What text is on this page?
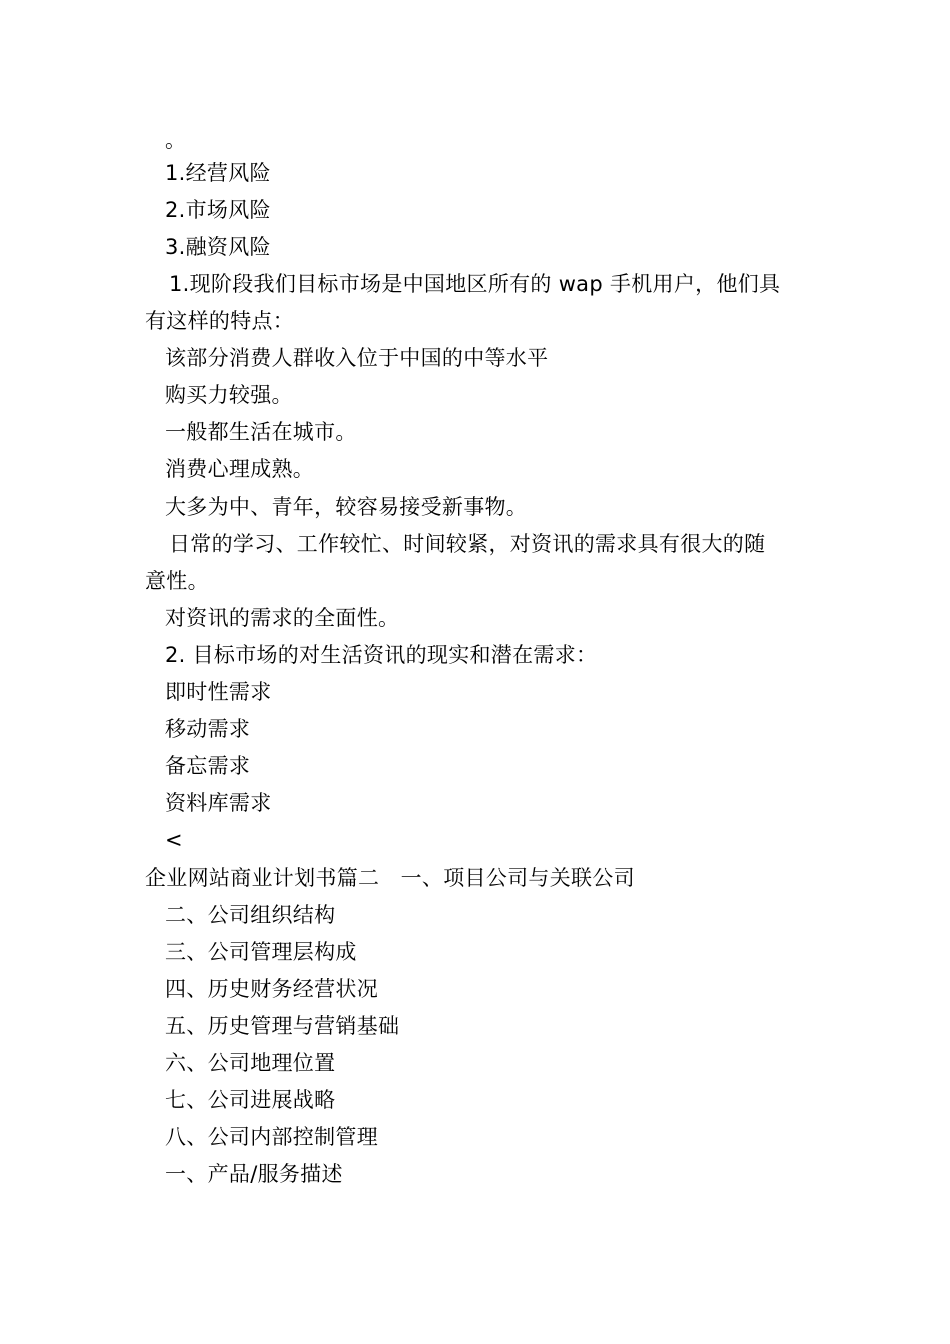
。
1.经营风险
2.市场风险
3.融资风险
1.现阶段我们目标市场是中国地区所有的 wap 手机用户，他们具
有这样的特点：
该部分消费人群收入位于中国的中等水平
购买力较强。
一般都生活在城市。
消费心理成熟。
大多为中、青年，较容易接受新事物。
日常的学习、工作较忙、时间较紧，对资讯的需求具有很大的随
意性。
对资讯的需求的全面性。
2. 目标市场的对生活资讯的现实和潜在需求：
即时性需求
移动需求
备忘需求
资料库需求
<
企业网站商业计划书篇二　一、项目公司与关联公司
二、公司组织结构
三、公司管理层构成
四、历史财务经营状况
五、历史管理与营销基础
六、公司地理位置
七、公司进展战略
八、公司内部控制管理
一、产品/服务描述
